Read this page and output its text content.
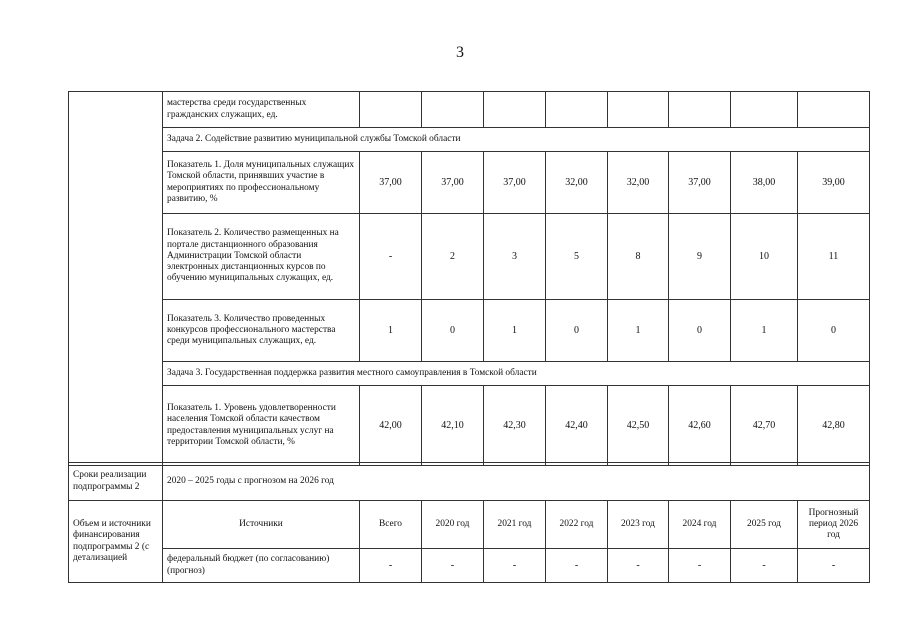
3
	мастерства среди государственных гражданских служащих, ед.								
	Задача 2. Содействие развитию муниципальной службы Томской области								
	Показатель 1. Доля муниципальных служащих Томской области, принявших участие в мероприятиях по профессиональному развитию, %	37,00	37,00	37,00	32,00	32,00	37,00	38,00	39,00
	Показатель 2. Количество размещенных на портале дистанционного образования Администрации Томской области электронных дистанционных курсов по обучению муниципальных служащих, ед.	-	2	3	5	8	9	10	11
	Показатель 3. Количество проведенных конкурсов профессионального мастерства среди муниципальных служащих, ед.	1	0	1	0	1	0	1	0
	Задача 3. Государственная поддержка развития местного самоуправления в Томской области								
	Показатель 1. Уровень удовлетворенности населения Томской области качеством предоставления муниципальных услуг на территории Томской области, %	42,00	42,10	42,30	42,40	42,50	42,60	42,70	42,80
Сроки реализации подпрограммы 2	2020 – 2025 годы с прогнозом на 2026 год								
Объем и источники финансирования подпрограммы 2 (с детализацией	Источники	Всего	2020 год	2021 год	2022 год	2023 год	2024 год	2025 год	Прогнозный период 2026 год
	федеральный бюджет (по согласованию) (прогноз)	-	-	-	-	-	-	-	-
